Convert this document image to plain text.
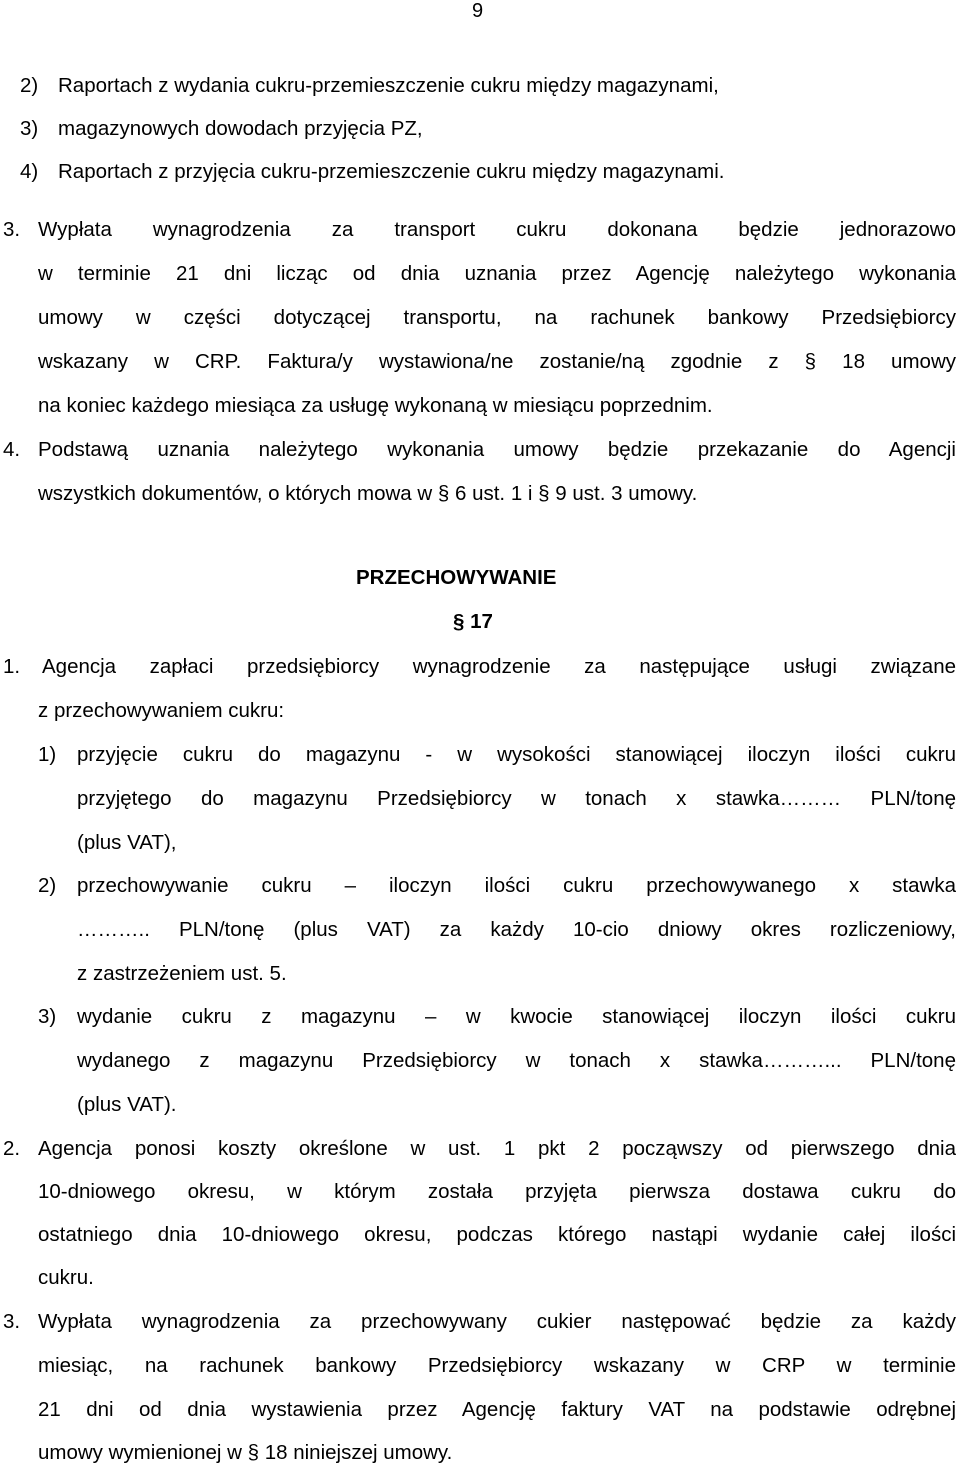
9
2) Raportach z wydania cukru-przemieszczenie cukru między magazynami,
3) magazynowych dowodach przyjęcia PZ,
4) Raportach z przyjęcia cukru-przemieszczenie cukru między magazynami.
3. Wypłata wynagrodzenia za transport cukru dokonana będzie jednorazowo
w terminie 21 dni licząc od dnia uznania przez Agencję należytego wykonania
umowy w części dotyczącej transportu, na rachunek bankowy Przedsiębiorcy
wskazany w CRP. Faktura/y wystawiona/ne zostanie/ną zgodnie z § 18 umowy
na koniec każdego miesiąca za usługę wykonaną w miesiącu poprzednim.
4. Podstawą uznania należytego wykonania umowy będzie przekazanie do Agencji
wszystkich dokumentów, o których mowa w § 6 ust. 1 i § 9 ust. 3 umowy.
PRZECHOWYWANIE
§ 17
1. Agencja zapłaci przedsiębiorcy wynagrodzenie za następujące usługi związane
z przechowywaniem cukru:
1) przyjęcie cukru do magazynu - w wysokości stanowiącej iloczyn ilości cukru
przyjętego do magazynu Przedsiębiorcy w tonach x stawka……… PLN/tonę
(plus VAT),
2) przechowywanie cukru – iloczyn ilości cukru przechowywanego x stawka
……….. PLN/tonę (plus VAT) za każdy 10-cio dniowy okres rozliczeniowy,
z zastrzeżeniem ust. 5.
3) wydanie cukru z magazynu – w kwocie stanowiącej iloczyn ilości cukru
wydanego z magazynu Przedsiębiorcy w tonach x stawka………... PLN/tonę
(plus VAT).
2. Agencja ponosi koszty określone w ust. 1 pkt 2 począwszy od pierwszego dnia
10-dniowego okresu, w którym została przyjęta pierwsza dostawa cukru do
ostatniego dnia 10-dniowego okresu, podczas którego nastąpi wydanie całej ilości
cukru.
3. Wypłata wynagrodzenia za przechowywany cukier następować będzie za każdy
miesiąc, na rachunek bankowy Przedsiębiorcy wskazany w CRP w terminie
21 dni od dnia wystawienia przez Agencję faktury VAT na podstawie odrębnej
umowy wymienionej w § 18 niniejszej umowy.
